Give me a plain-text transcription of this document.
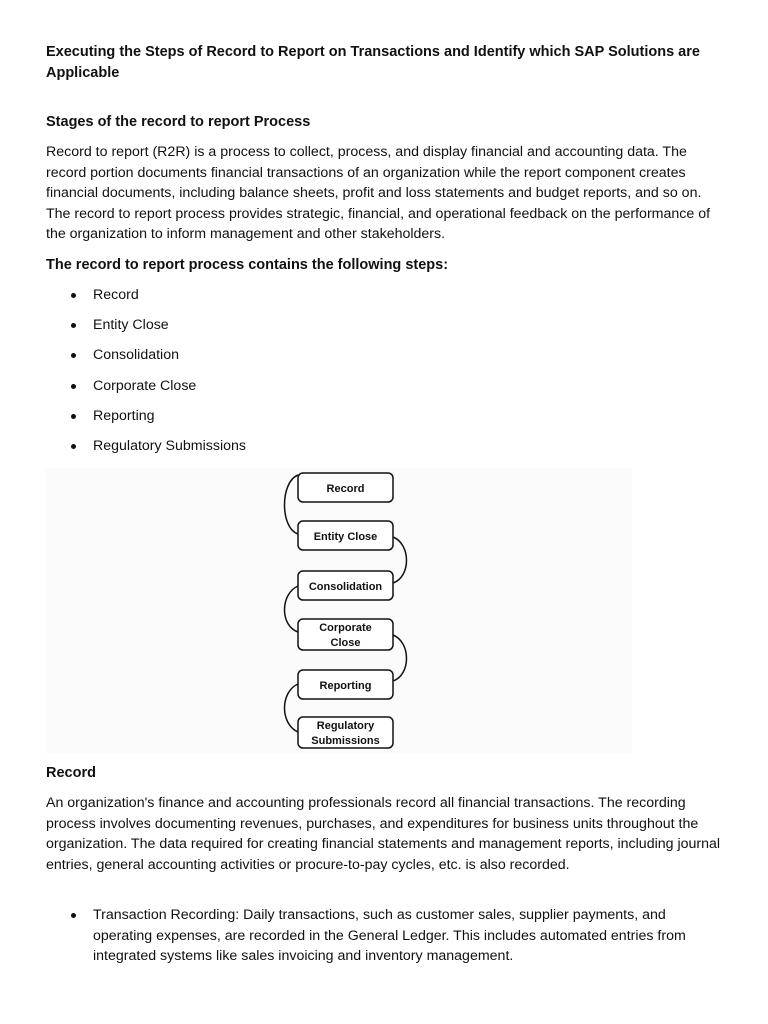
Executing the Steps of Record to Report on Transactions and Identify which SAP Solutions are Applicable
Stages of the record to report Process

Record to report (R2R) is a process to collect, process, and display financial and accounting data. The record portion documents financial transactions of an organization while the report component creates financial documents, including balance sheets, profit and loss statements and budget reports, and so on. The record to report process provides strategic, financial, and operational feedback on the performance of the organization to inform management and other stakeholders.

The record to report process contains the following steps:
Record
Entity Close
Consolidation
Corporate Close
Reporting
Regulatory Submissions
Record
Entity Close
Consolidation
Corporate
Close
Reporting
Regulatory
Submissions
Record

An organization's finance and accounting professionals record all financial transactions. The recording process involves documenting revenues, purchases, and expenditures for business units throughout the organization. The data required for creating financial statements and management reports, including journal entries, general accounting activities or procure-to-pay cycles, etc. is also recorded.

Transaction Recording: Daily transactions, such as customer sales, supplier payments, and operating expenses, are recorded in the General Ledger. This includes automated entries from integrated systems like sales invoicing and inventory management.
